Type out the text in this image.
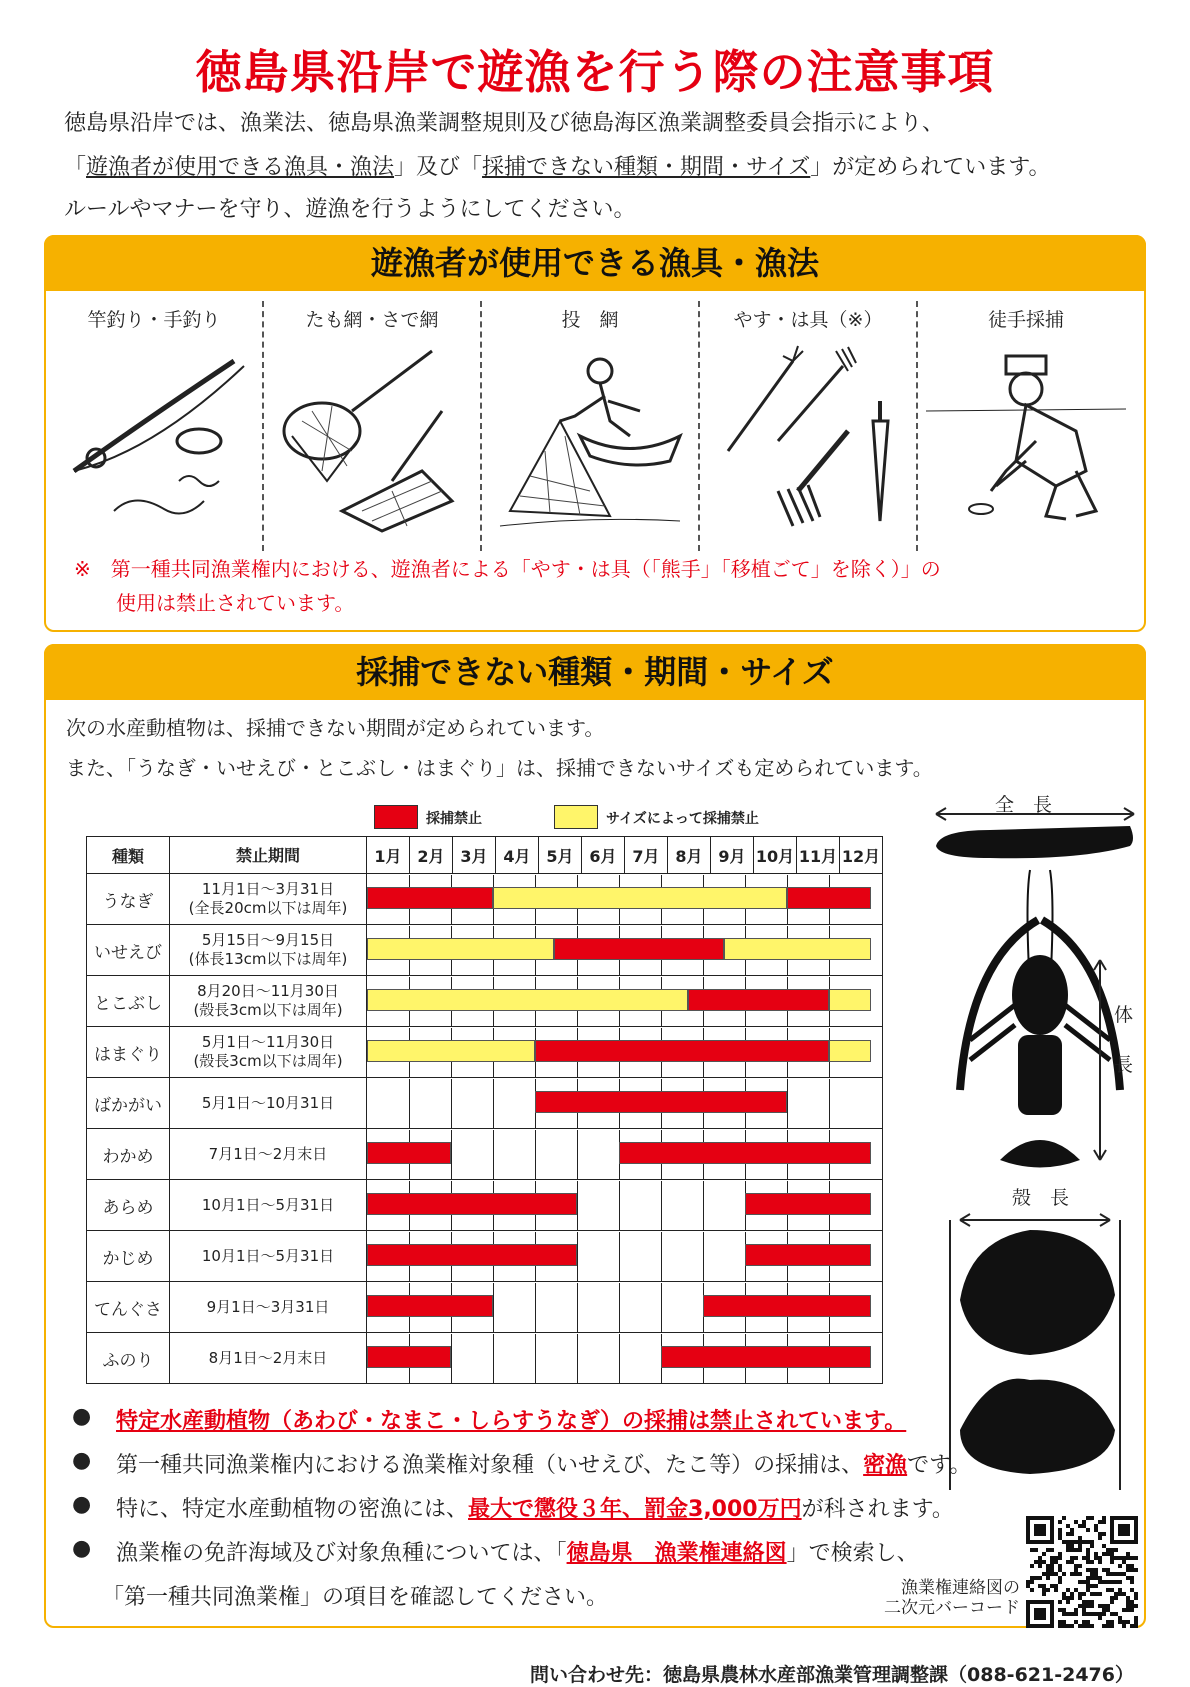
徳島県沿岸で遊漁を行う際の注意事項
徳島県沿岸では、漁業法、徳島県漁業調整規則及び徳島海区漁業調整委員会指示により、
「遊漁者が使用できる漁具・漁法」及び「採捕できない種類・期間・サイズ」が定められています。
ルールやマナーを守り、遊漁を行うようにしてください。
遊漁者が使用できる漁具・漁法
竿釣り・手釣り	たも網・さで網	投　網	やす・は具（※）	徒手採捕
※　第一種共同漁業権内における、遊漁者による「やす・は具（「熊手」「移植ごて」を除く）」の
使用は禁止されています。
採捕できない種類・期間・サイズ
次の水産動植物は、採捕できない期間が定められています。
また、「うなぎ・いせえび・とこぶし・はまぐり」は、採捕できないサイズも定められています。
採捕禁止	サイズによって採捕禁止
種類	禁止期間	1月	2月	3月	4月	5月	6月	7月	8月	9月	10月	11月	12月
うなぎ	11月1日～3月31日
(全長20cm以下は周年)												

いせえび	5月15日～9月15日
(体長13cm以下は周年)												

とこぶし	8月20日～11月30日
(殻長3cm以下は周年)												

はまぐり	5月1日～11月30日
(殻長3cm以下は周年)												

ばかがい	5月1日～10月31日												

わかめ	7月1日～2月末日												

あらめ	10月1日～5月31日												

かじめ	10月1日～5月31日												

てんぐさ	9月1日～3月31日												

ふのり	8月1日～2月末日												

全　長
体
長
殻　長
● 特定水産動植物（あわび・なまこ・しらすうなぎ）の採捕は禁止されています。
● 第一種共同漁業権内における漁業権対象種（いせえび、たこ等）の採捕は、密漁です。
● 特に、特定水産動植物の密漁には、最大で懲役３年、罰金3,000万円が科されます。
● 漁業権の免許海域及び対象魚種については、「徳島県　漁業権連絡図」で検索し、
「第一種共同漁業権」の項目を確認してください。	漁業権連絡図の
二次元バーコード
問い合わせ先：徳島県農林水産部漁業管理調整課（088-621-2476）
